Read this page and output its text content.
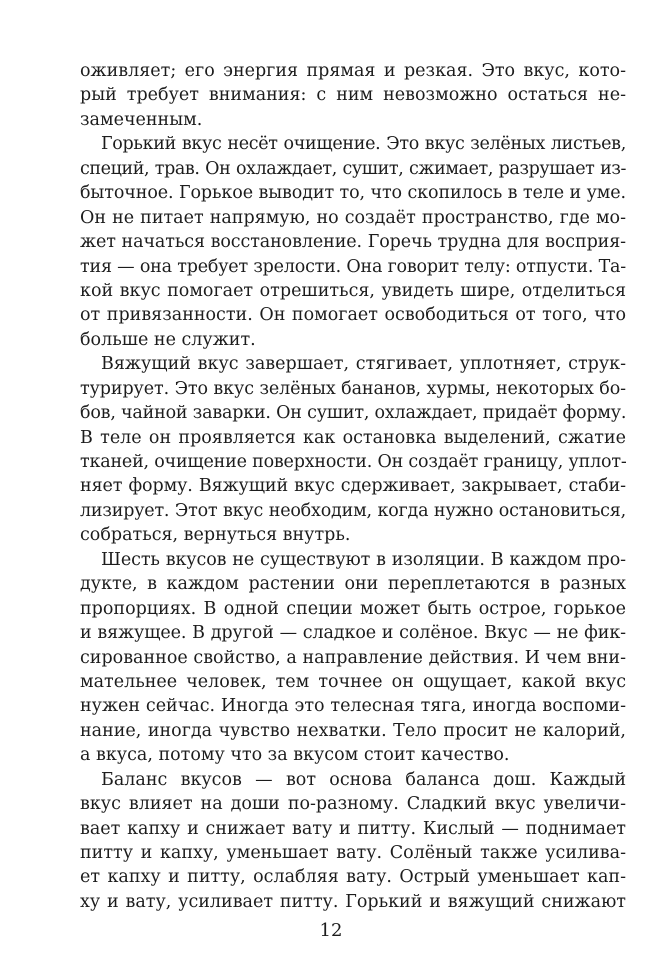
оживляет; его энергия прямая и резкая. Это вкус, кото-
рый требует внимания: с ним невозможно остаться не-
замеченным.
Горький вкус несёт очищение. Это вкус зелёных листьев,
специй, трав. Он охлаждает, сушит, сжимает, разрушает из-
быточное. Горькое выводит то, что скопилось в теле и уме.
Он не питает напрямую, но создаёт пространство, где мо-
жет начаться восстановление. Горечь трудна для восприя-
тия — она требует зрелости. Она говорит телу: отпусти. Та-
кой вкус помогает отрешиться, увидеть шире, отделиться
от привязанности. Он помогает освободиться от того, что
больше не служит.
Вяжущий вкус завершает, стягивает, уплотняет, струк-
турирует. Это вкус зелёных бананов, хурмы, некоторых бо-
бов, чайной заварки. Он сушит, охлаждает, придаёт форму.
В теле он проявляется как остановка выделений, сжатие
тканей, очищение поверхности. Он создаёт границу, уплот-
няет форму. Вяжущий вкус сдерживает, закрывает, стаби-
лизирует. Этот вкус необходим, когда нужно остановиться,
собраться, вернуться внутрь.
Шесть вкусов не существуют в изоляции. В каждом про-
дукте, в каждом растении они переплетаются в разных
пропорциях. В одной специи может быть острое, горькое
и вяжущее. В другой — сладкое и солёное. Вкус — не фик-
сированное свойство, а направление действия. И чем вни-
мательнее человек, тем точнее он ощущает, какой вкус
нужен сейчас. Иногда это телесная тяга, иногда воспоми-
нание, иногда чувство нехватки. Тело просит не калорий,
а вкуса, потому что за вкусом стоит качество.
Баланс вкусов — вот основа баланса дош. Каждый
вкус влияет на доши по-разному. Сладкий вкус увеличи-
вает капху и снижает вату и питту. Кислый — поднимает
питту и капху, уменьшает вату. Солёный также усилива-
ет капху и питту, ослабляя вату. Острый уменьшает кап-
ху и вату, усиливает питту. Горький и вяжущий снижают
12
